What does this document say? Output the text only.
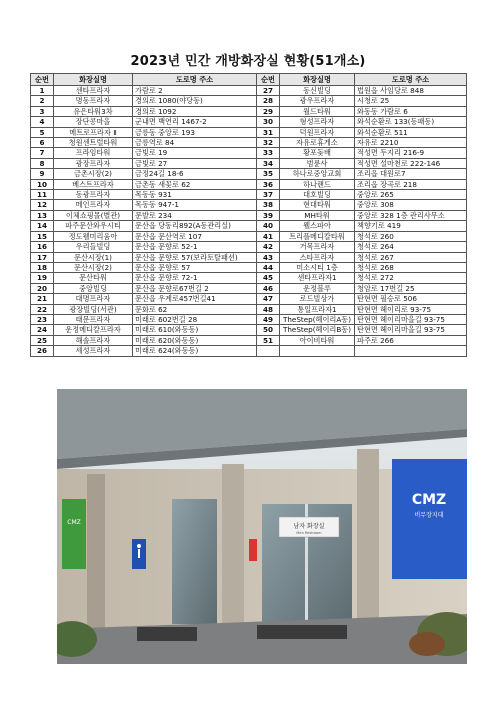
2023년 민간 개방화장실 현황(51개소)
순번	화장실명	도로명 주소	순번	화장실명	도로명 주소
1	센타프라자	가람로 2	27	동신빌딩	법원읍 사임당로 848
2	명동프라자	경의로 1080(야당동)	28	광우프라자	시청로 25
3	유은타워3차	경의로 1092	29	월드타워	와동동 가람로 6
4	장단콩마을	군내면 백연리 1467-2	30	형성프라자	와석순환로 133(동패동)
5	메트로프라자 Ⅱ	금릉동 중앙로 193	31	덕원프라자	와석순환로 511
6	청원센트럴타워	금릉역로 84	32	자유로휴게소	자유로 2210
7	프라임타워	금빛로 19	33	황포돛배	적성면 두지리 216-9
8	광장프라자	금빛로 27	34	범륜사	적성면 설마천로 222-146
9	금촌시장(2)	금정24길 18-6	35	하나로중앙교회	조리읍 대원로7
10	베스트프라자	금촌동 새꽃로 62	36	하나랜드	조리읍 장곡로 218
11	동광프라자	목동동 931	37	대호빌딩	중앙로 265
12	메인프라자	목동동 947-1	38	현대타워	중앙로 308
13	이체쇼핑몰(별관)	문발로 234	39	MH타워	중앙로 328 1층 관리사무소
14	파주문산와우시티	문산읍 당동리892(A동관리실)	40	웰스파아	책향기로 419
15	정도웰미리움아	문산읍 문산역로 107	41	트리플메디칼타워	청석로 260
16	우리들빌딩	문산읍 문향로 52-1	42	거목프라자	청석로 264
17	문산시장(1)	문산읍 문향로 57(보라토탈패션)	43	스타프라자	청석로 267
18	문산시장(2)	문산읍 문향로 57	44	미소시티 1층	청석로 268
19	문산타워	문산읍 문향로 72-1	45	센타프라자1	청석로 272
20	중앙빌딩	문산읍 문향로67번길 2	46	운정블루	청암로 17번길 25
21	대명프라자	문산읍 우계로457번길41	47	로드빌상가	탄현면 필승로 506
22	광장빌딩(서관)	문화로 62	48	통일프라자1	탄현면 헤이리로 93-75
23	태문프라자	미래로 602번길 28	49	TheStep(헤이리A동)	탄현면 헤이리마을길 93-75
24	운정메디칼프라자	미래로 610(와동동)	50	TheStep(헤이리B동)	탄현면 헤이리마을길 93-75
25	해솔프라자	미래로 620(와동동)	51	아이비타워	파주로 266
26	세성프라자	미래로 624(와동동)			
남자 화장실
Men Restroom
CMZ
CMZ
비무장지대
